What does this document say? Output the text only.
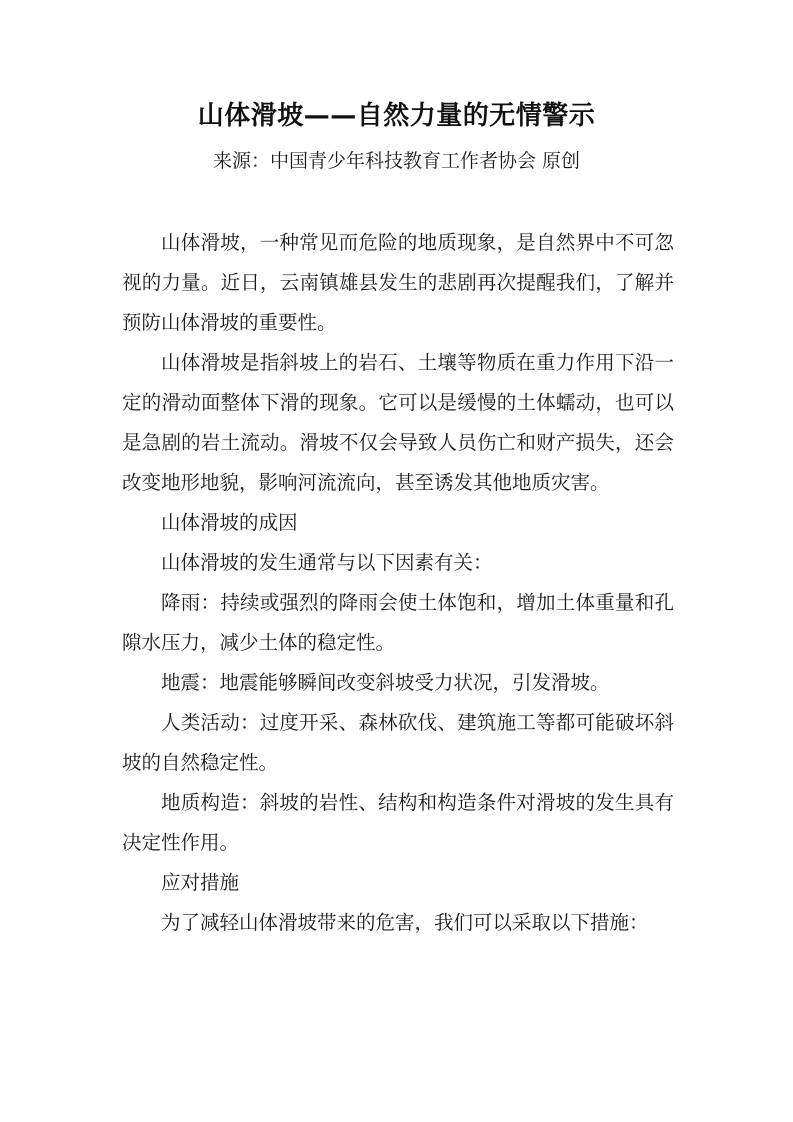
山体滑坡——自然力量的无情警示
来源：中国青少年科技教育工作者协会 原创

山体滑坡，一种常见而危险的地质现象，是自然界中不可忽视的力量。近日，云南镇雄县发生的悲剧再次提醒我们，了解并预防山体滑坡的重要性。

山体滑坡是指斜坡上的岩石、土壤等物质在重力作用下沿一定的滑动面整体下滑的现象。它可以是缓慢的土体蠕动，也可以是急剧的岩土流动。滑坡不仅会导致人员伤亡和财产损失，还会改变地形地貌，影响河流流向，甚至诱发其他地质灾害。

山体滑坡的成因

山体滑坡的发生通常与以下因素有关：

降雨：持续或强烈的降雨会使土体饱和，增加土体重量和孔隙水压力，减少土体的稳定性。

地震：地震能够瞬间改变斜坡受力状况，引发滑坡。

人类活动：过度开采、森林砍伐、建筑施工等都可能破坏斜坡的自然稳定性。

地质构造：斜坡的岩性、结构和构造条件对滑坡的发生具有决定性作用。

应对措施

为了减轻山体滑坡带来的危害，我们可以采取以下措施：
